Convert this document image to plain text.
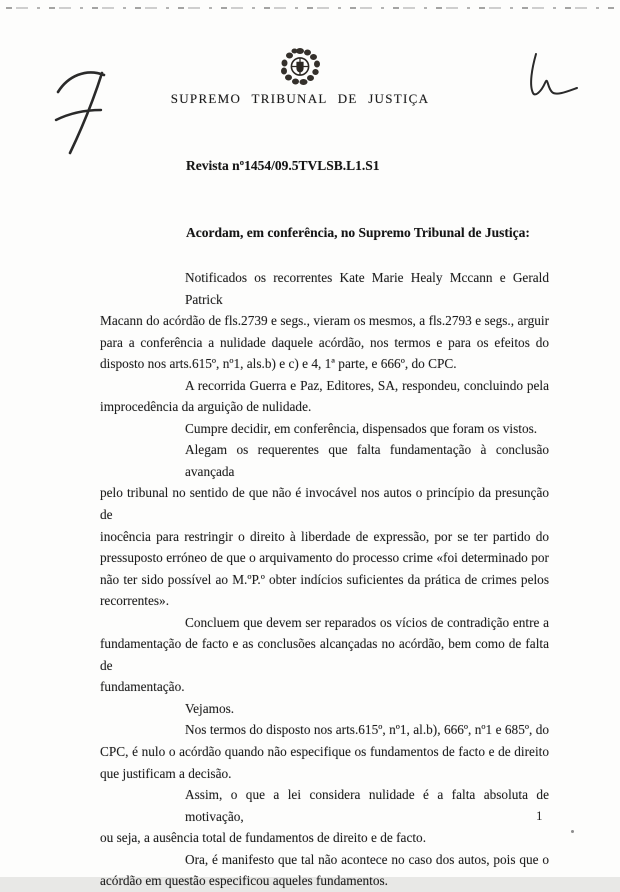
SUPREMO TRIBUNAL DE JUSTIÇA
Revista nº1454/09.5TVLSB.L1.S1
Acordam, em conferência, no Supremo Tribunal de Justiça:
Notificados os recorrentes Kate Marie Healy Mccann e Gerald Patrick
Macann do acórdão de fls.2739 e segs., vieram os mesmos, a fls.2793 e segs., arguir
para a conferência a nulidade daquele acórdão, nos termos e para os efeitos do
disposto nos arts.615º, nº1, als.b) e c) e 4, 1ª parte, e 666º, do CPC.
A recorrida Guerra e Paz, Editores, SA, respondeu, concluindo pela
improcedência da arguição de nulidade.
Cumpre decidir, em conferência, dispensados que foram os vistos.
Alegam os requerentes que falta fundamentação à conclusão avançada
pelo tribunal no sentido de que não é invocável nos autos o princípio da presunção de
inocência para restringir o direito à liberdade de expressão, por se ter partido do
pressuposto erróneo de que o arquivamento do processo crime «foi determinado por
não ter sido possível ao M.ºP.º obter indícios suficientes da prática de crimes pelos
recorrentes».
Concluem que devem ser reparados os vícios de contradição entre a
fundamentação de facto e as conclusões alcançadas no acórdão, bem como de falta de
fundamentação.
Vejamos.
Nos termos do disposto nos arts.615º, nº1, al.b), 666º, nº1 e 685º, do
CPC, é nulo o acórdão quando não especifique os fundamentos de facto e de direito
que justificam a decisão.
Assim, o que a lei considera nulidade é a falta absoluta de motivação,
ou seja, a ausência total de fundamentos de direito e de facto.
Ora, é manifesto que tal não acontece no caso dos autos, pois que o
acórdão em questão especificou aqueles fundamentos.
1
